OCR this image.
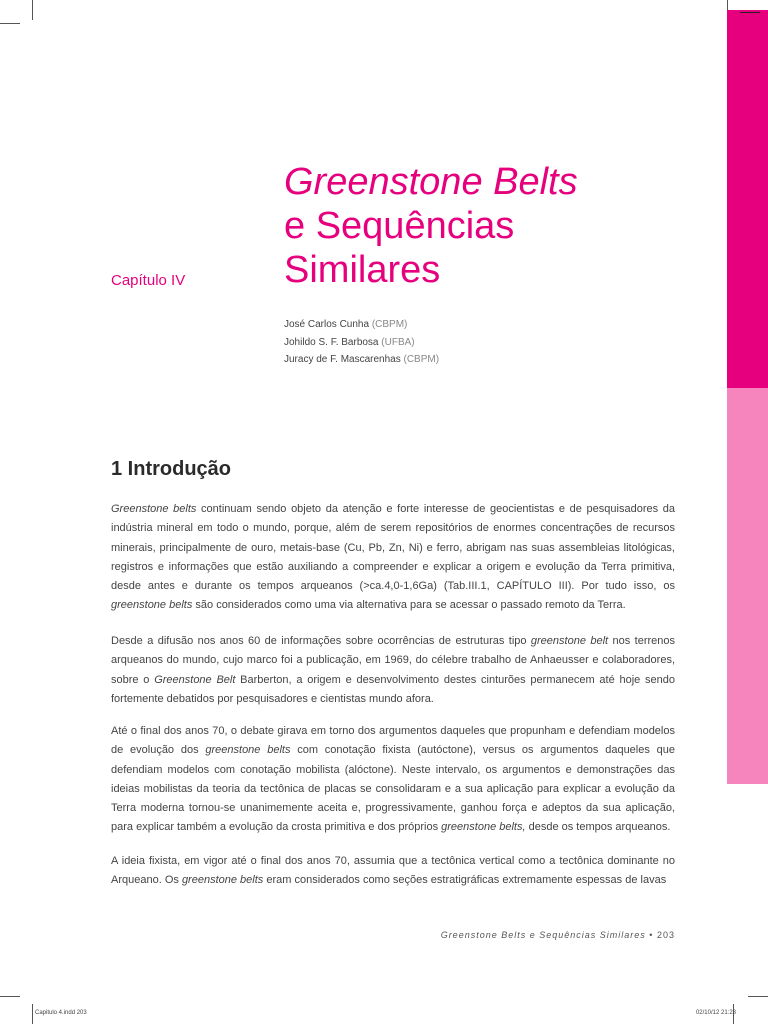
Greenstone Belts
e Sequências
Similares
Capítulo IV
José Carlos Cunha (CBPM)
Johildo S. F. Barbosa (UFBA)
Juracy de F. Mascarenhas (CBPM)
1 Introdução
Greenstone belts continuam sendo objeto da atenção e forte interesse de geocientistas e de pesquisadores da indústria mineral em todo o mundo, porque, além de serem repositórios de enormes concentrações de recursos minerais, principalmente de ouro, metais-base (Cu, Pb, Zn, Ni) e ferro, abrigam nas suas assembleias litológicas, registros e informações que estão auxiliando a compreender e explicar a origem e evolução da Terra primitiva, desde antes e durante os tempos arqueanos (>ca.4,0-1,6Ga) (Tab.III.1, CAPÍTULO III). Por tudo isso, os greenstone belts são considerados como uma via alternativa para se acessar o passado remoto da Terra.
Desde a difusão nos anos 60 de informações sobre ocorrências de estruturas tipo greenstone belt nos terrenos arqueanos do mundo, cujo marco foi a publicação, em 1969, do célebre trabalho de Anhaeusser e colaboradores, sobre o Greenstone Belt Barberton, a origem e desenvolvimento destes cinturões permanecem até hoje sendo fortemente debatidos por pesquisadores e cientistas mundo afora.
Até o final dos anos 70, o debate girava em torno dos argumentos daqueles que propunham e defendiam modelos de evolução dos greenstone belts com conotação fixista (autóctone), versus os argumentos daqueles que defendiam modelos com conotação mobilista (alóctone). Neste intervalo, os argumentos e demonstrações das ideias mobilistas da teoria da tectônica de placas se consolidaram e a sua aplicação para explicar a evolução da Terra moderna tornou-se unanimemente aceita e, progressivamente, ganhou força e adeptos da sua aplicação, para explicar também a evolução da crosta primitiva e dos próprios greenstone belts, desde os tempos arqueanos.
A ideia fixista, em vigor até o final dos anos 70, assumia que a tectônica vertical como a tectônica dominante no Arqueano. Os greenstone belts eram considerados como seções estratigráficas extremamente espessas de lavas
Greenstone Belts e Sequências Similares • 203
Capitulo 4.indd 203	02/10/12 21:23
